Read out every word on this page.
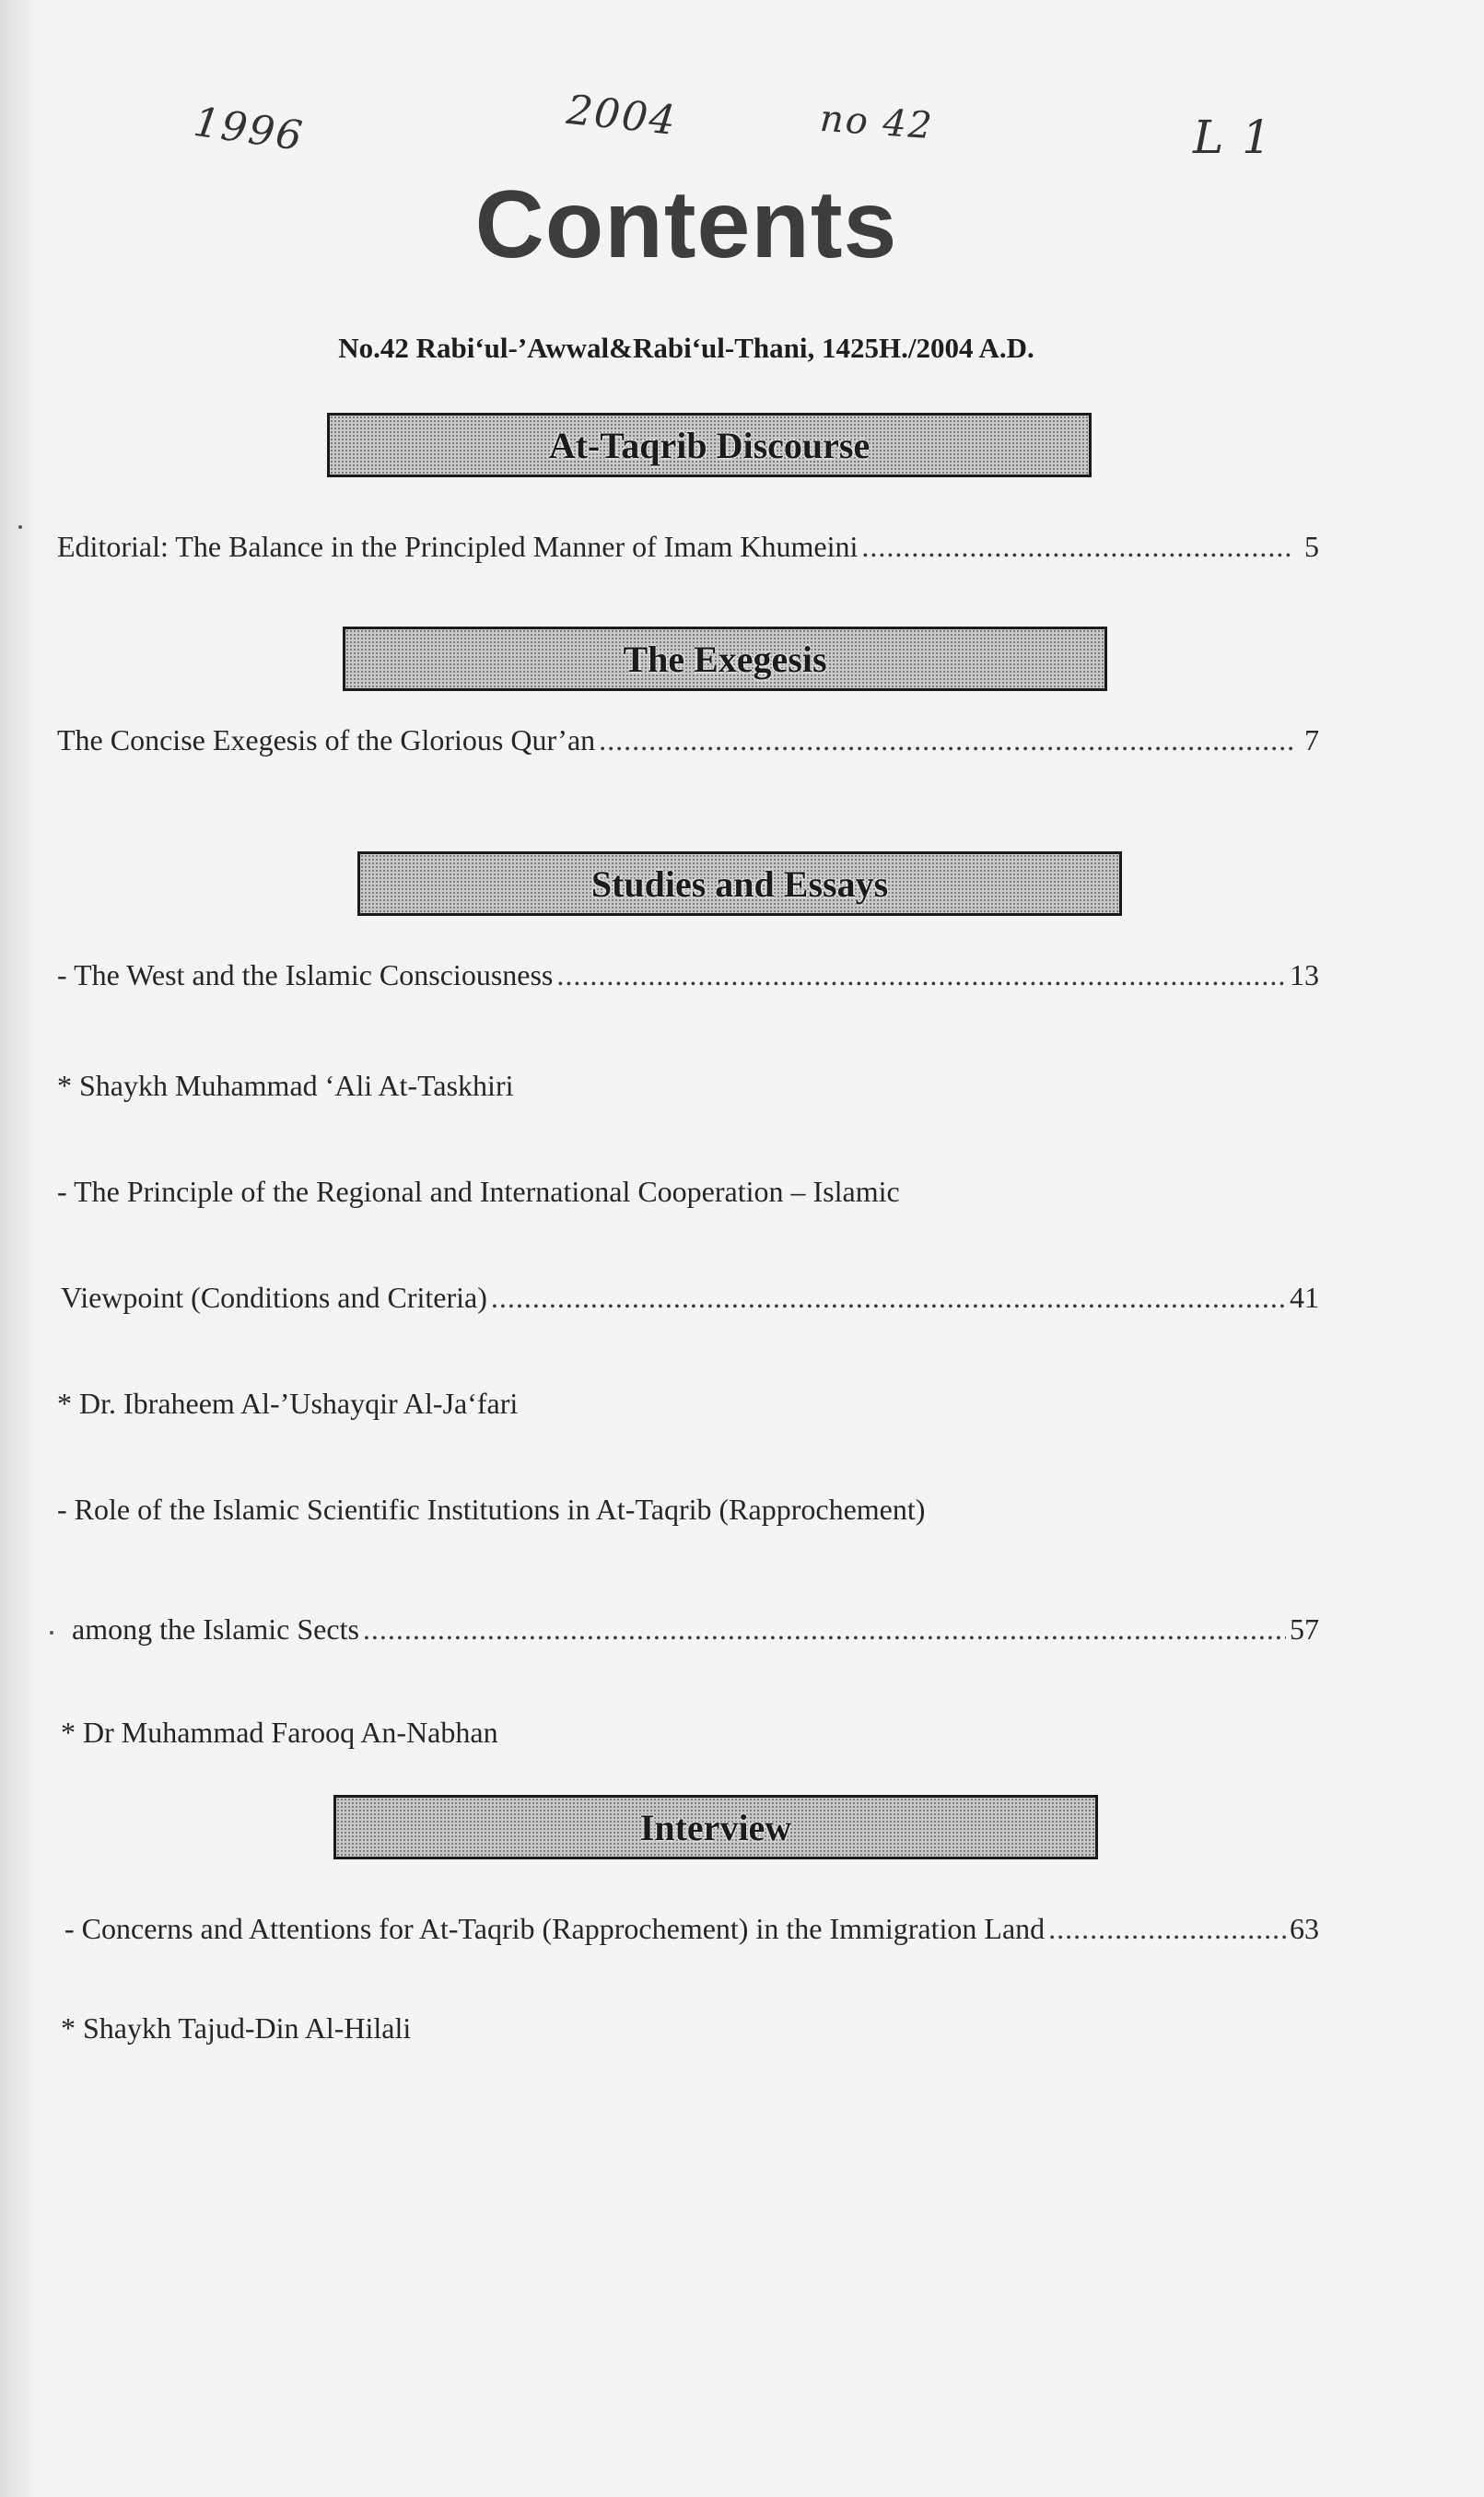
1996	2004	no 42	L 1
Contents
No.42 Rabi‘ul-’Awwal&Rabi‘ul-Thani, 1425H./2004 A.D.
At-Taqrib Discourse
Editorial: The Balance in the Principled Manner of Imam Khumeini .....	5
The Exegesis
The Concise Exegesis of the Glorious Qur’an .....	7
Studies and Essays
- The West and the Islamic Consciousness .....	13
* Shaykh Muhammad ‘Ali At-Taskhiri
- The Principle of the Regional and International Cooperation – Islamic
Viewpoint (Conditions and Criteria) .....	41
* Dr. Ibraheem Al-’Ushayqir Al-Ja‘fari
- Role of the Islamic Scientific Institutions in At-Taqrib (Rapprochement)
among the Islamic Sects .....	57
* Dr Muhammad Farooq An-Nabhan
Interview
- Concerns and Attentions for At-Taqrib (Rapprochement) in the Immigration Land .....	63
* Shaykh Tajud-Din Al-Hilali
